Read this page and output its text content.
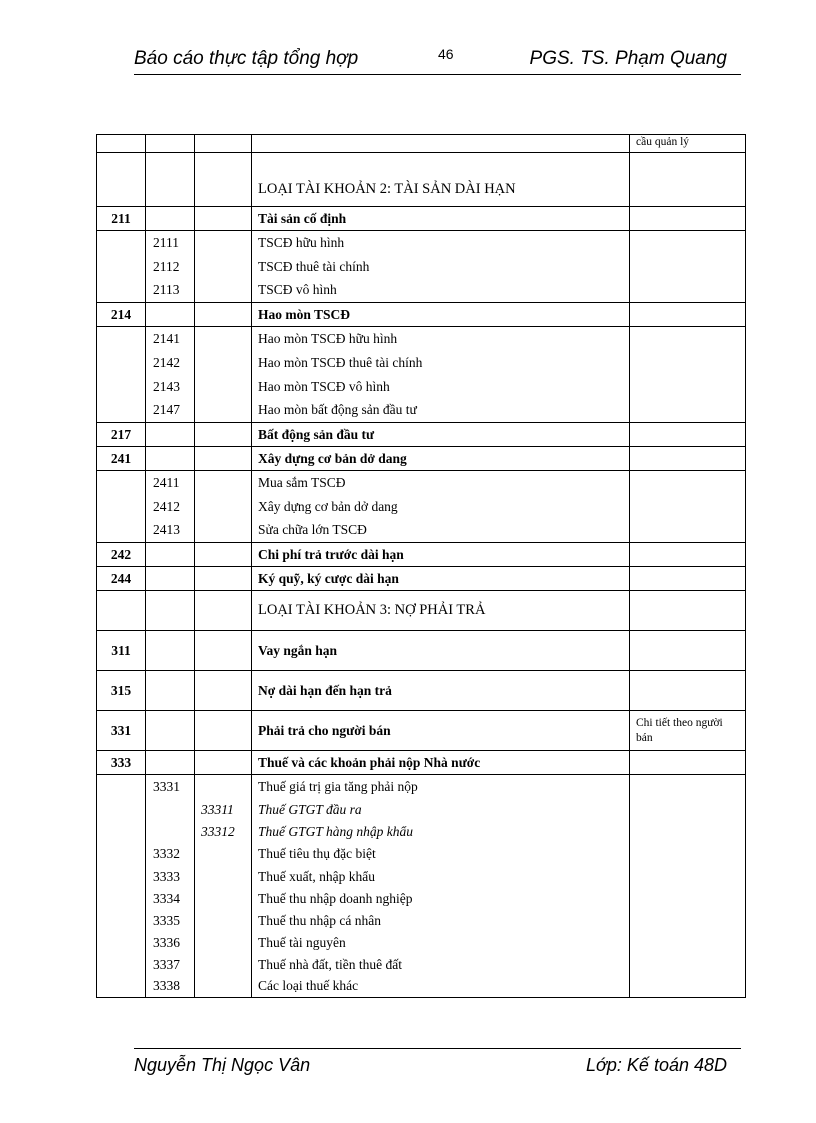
Báo cáo thực tập tổng hợp	46	PGS. TS. Phạm Quang
				cầu quản lý
			LOẠI TÀI KHOẢN 2: TÀI SẢN DÀI HẠN	
211			Tài sản cố định	
	2111		TSCĐ hữu hình	
	2112		TSCĐ thuê tài chính	
	2113		TSCĐ vô hình	
214			Hao mòn TSCĐ	
	2141		Hao mòn TSCĐ hữu hình	
	2142		Hao mòn TSCĐ thuê tài chính	
	2143		Hao mòn TSCĐ vô hình	
	2147		Hao mòn bất động sản đầu tư	
217			Bất động sản đầu tư	
241			Xây dựng cơ bản dở dang	
	2411		Mua sắm TSCĐ	
	2412		Xây dựng cơ bản dở dang	
	2413		Sửa chữa lớn TSCĐ	
242			Chi phí trả trước dài hạn	
244			Ký quỹ, ký cược dài hạn	
			LOẠI TÀI KHOẢN 3: NỢ PHẢI TRẢ	
311			Vay ngắn hạn	
315			Nợ dài hạn đến hạn trả	
331			Phải trả cho người bán	Chi tiết theo người bán
333			Thuế và các khoản phải nộp Nhà nước	
	3331		Thuế giá trị gia tăng phải nộp	
		33311	Thuế GTGT đầu ra	
		33312	Thuế GTGT hàng nhập khẩu	
	3332		Thuế tiêu thụ đặc biệt	
	3333		Thuế xuất, nhập khẩu	
	3334		Thuế thu nhập doanh nghiệp	
	3335		Thuế thu nhập cá nhân	
	3336		Thuế tài nguyên	
	3337		Thuế nhà đất, tiền thuê đất	
	3338		Các loại thuế khác	
Nguyễn Thị Ngọc Vân	Lớp: Kế toán 48D
